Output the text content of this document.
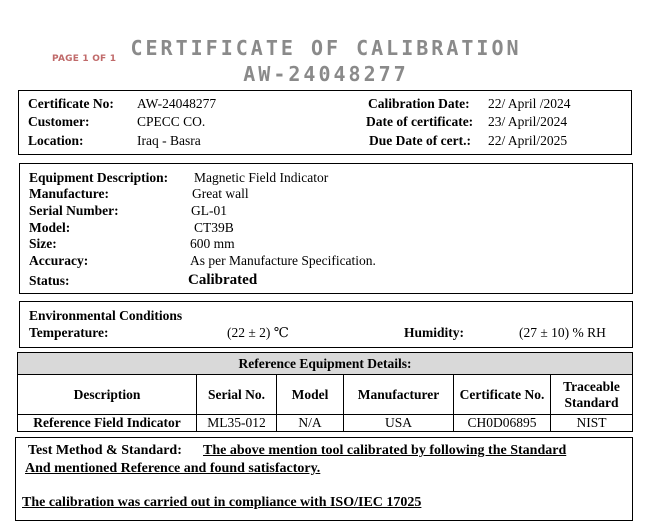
PAGE 1 OF 1 CERTIFICATE OF CALIBRATION
AW-24048277
Certificate No: AW-24048277
Customer:	CPECC CO.
Location:	Iraq - Basra
Calibration Date: 22/ April /2024
Date of certificate: 23/ April/2024
Due Date of cert.: 22/ April/2025
Equipment Description: Magnetic Field Indicator
Manufacture:	Great wall
Serial Number:	GL-01
Model:	CT39B
Size:	600 mm
Accuracy:	As per Manufacture Specification.
Status:	Calibrated
Environmental Conditions
Temperature:	(22 ± 2) ℃	Humidity:	(27 ± 10) % RH
Reference Equipment Details:					
Description	Serial No.	Model	Manufacturer	Certificate No.	Traceable Standard
Reference Field Indicator	ML35-012	N/A	USA	CH0D06895	NIST
Test Method & Standard: The above mention tool calibrated by following the Standard
And mentioned Reference and found satisfactory.
The calibration was carried out in compliance with ISO/IEC 17025
